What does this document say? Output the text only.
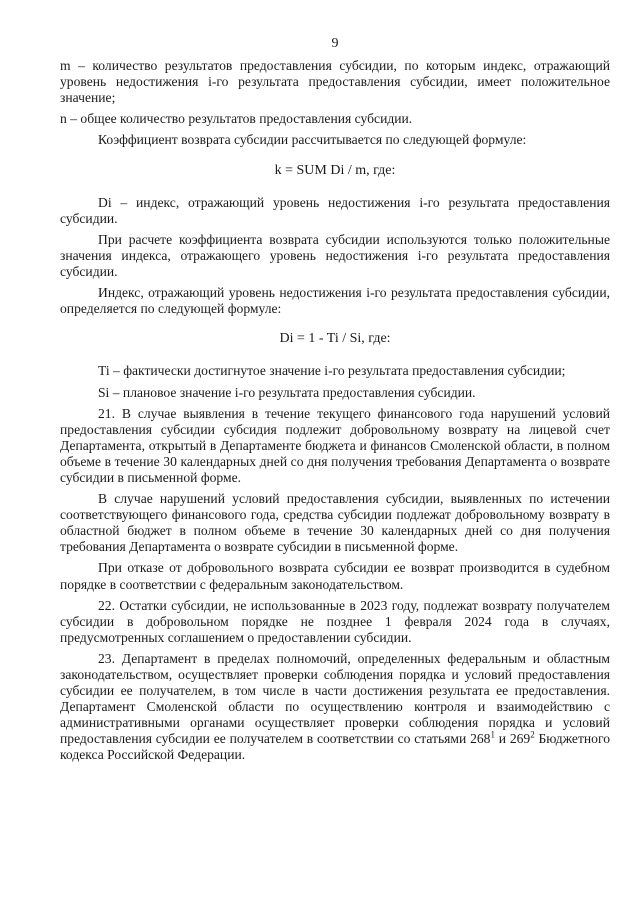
9

m – количество результатов предоставления субсидии, по которым индекс, отражающий уровень недостижения i-го результата предоставления субсидии, имеет положительное значение;

n – общее количество результатов предоставления субсидии.

Коэффициент возврата субсидии рассчитывается по следующей формуле:

k = SUM Di / m, где:

Di – индекс, отражающий уровень недостижения i-го результата предоставления субсидии.

При расчете коэффициента возврата субсидии используются только положительные значения индекса, отражающего уровень недостижения i-го результата предоставления субсидии.

Индекс, отражающий уровень недостижения i-го результата предоставления субсидии, определяется по следующей формуле:

Di = 1 - Ti / Si, где:

Ti – фактически достигнутое значение i-го результата предоставления субсидии;

Si – плановое значение i-го результата предоставления субсидии.

21. В случае выявления в течение текущего финансового года нарушений условий предоставления субсидии субсидия подлежит добровольному возврату на лицевой счет Департамента, открытый в Департаменте бюджета и финансов Смоленской области, в полном объеме в течение 30 календарных дней со дня получения требования Департамента о возврате субсидии в письменной форме.

В случае нарушений условий предоставления субсидии, выявленных по истечении соответствующего финансового года, средства субсидии подлежат добровольному возврату в областной бюджет в полном объеме в течение 30 календарных дней со дня получения требования Департамента о возврате субсидии в письменной форме.

При отказе от добровольного возврата субсидии ее возврат производится в судебном порядке в соответствии с федеральным законодательством.

22. Остатки субсидии, не использованные в 2023 году, подлежат возврату получателем субсидии в добровольном порядке не позднее 1 февраля 2024 года в случаях, предусмотренных соглашением о предоставлении субсидии.

23. Департамент в пределах полномочий, определенных федеральным и областным законодательством, осуществляет проверки соблюдения порядка и условий предоставления субсидии ее получателем, в том числе в части достижения результата ее предоставления. Департамент Смоленской области по осуществлению контроля и взаимодействию с административными органами осуществляет проверки соблюдения порядка и условий предоставления субсидии ее получателем в соответствии со статьями $268^1$ и $269^2$ Бюджетного кодекса Российской Федерации.
